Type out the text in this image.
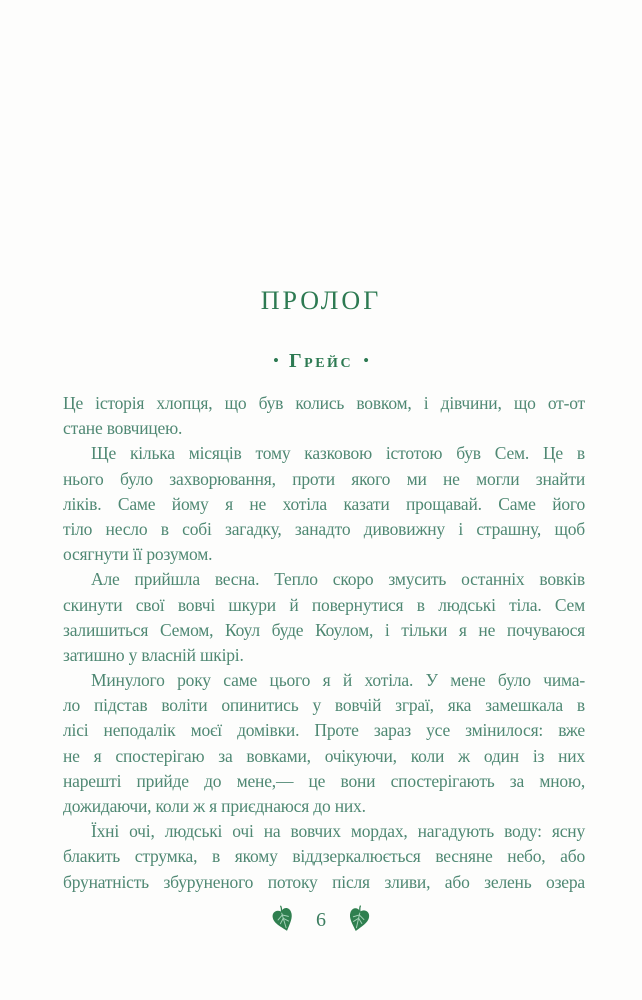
ПРОЛОГ
• Грейс •
Це історія хлопця, що був колись вовком, і дівчини, що от-от
стане вовчицею.
Ще кілька місяців тому казковою істотою був Сем. Це в
нього було захворювання, проти якого ми не могли знайти
ліків. Саме йому я не хотіла казати прощавай. Саме його
тіло несло в собі загадку, занадто дивовижну і страшну, щоб
осягнути її розумом.
Але прийшла весна. Тепло скоро змусить останніх вовків
скинути свої вовчі шкури й повернутися в людські тіла. Сем
залишиться Семом, Коул буде Коулом, і тільки я не почуваюся
затишно у власній шкірі.
Минулого року саме цього я й хотіла. У мене було чима-
ло підстав воліти опинитись у вовчій зграї, яка замешкала в
лісі неподалік моєї домівки. Проте зараз усе змінилося: вже
не я спостерігаю за вовками, очікуючи, коли ж один із них
нарешті прийде до мене,— це вони спостерігають за мною,
дожидаючи, коли ж я приєднаюся до них.
Їхні очі, людські очі на вовчих мордах, нагадують воду: ясну
блакить струмка, в якому віддзеркалюється весняне небо, або
брунатність збуруненого потоку після зливи, або зелень озера
6
